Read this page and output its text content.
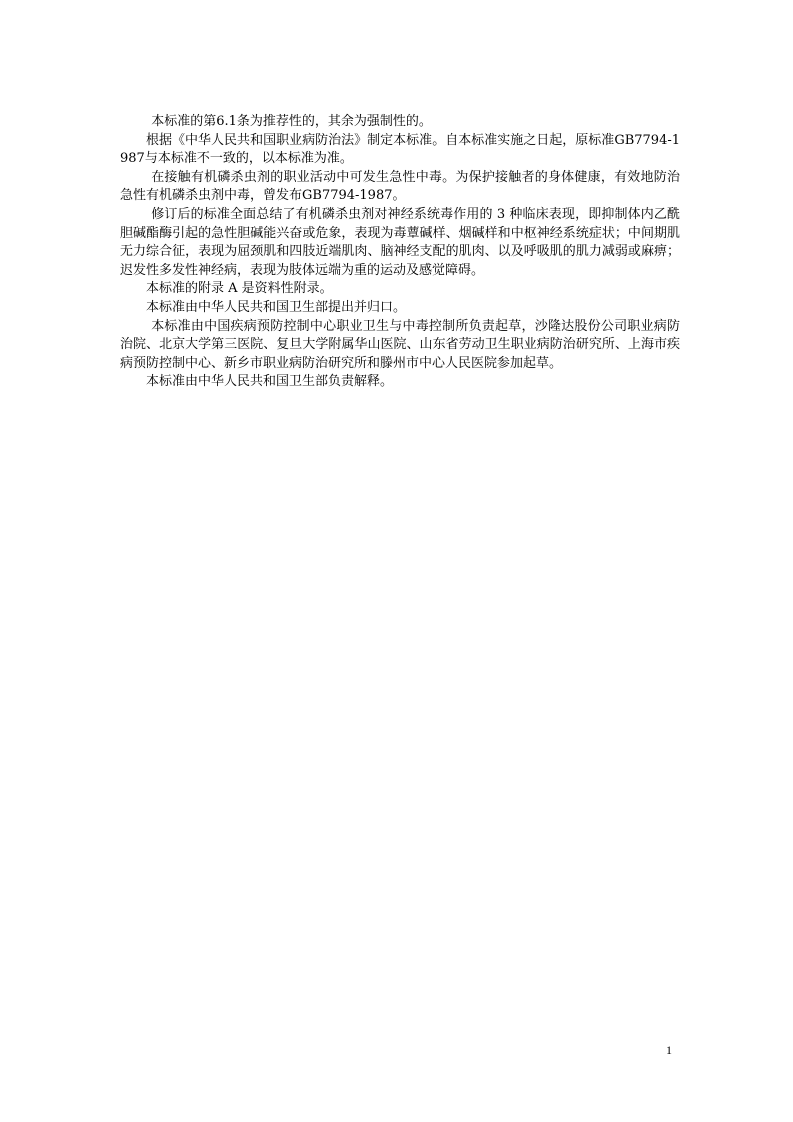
本标准的第6.1条为推荐性的，其余为强制性的。

根据《中华人民共和国职业病防治法》制定本标准。自本标准实施之日起，原标准GB7794-1987与本标准不一致的，以本标准为准。

在接触有机磷杀虫剂的职业活动中可发生急性中毒。为保护接触者的身体健康，有效地防治急性有机磷杀虫剂中毒，曾发布GB7794-1987。

修订后的标准全面总结了有机磷杀虫剂对神经系统毒作用的 3 种临床表现，即抑制体内乙酰胆碱酯酶引起的急性胆碱能兴奋或危象，表现为毒蕈碱样、烟碱样和中枢神经系统症状；中间期肌无力综合征，表现为屈颈肌和四肢近端肌肉、脑神经支配的肌肉、以及呼吸肌的肌力减弱或麻痹；迟发性多发性神经病，表现为肢体远端为重的运动及感觉障碍。

本标准的附录 A 是资料性附录。

本标准由中华人民共和国卫生部提出并归口。

本标准由中国疾病预防控制中心职业卫生与中毒控制所负责起草，沙隆达股份公司职业病防治院、北京大学第三医院、复旦大学附属华山医院、山东省劳动卫生职业病防治研究所、上海市疾病预防控制中心、新乡市职业病防治研究所和滕州市中心人民医院参加起草。

本标准由中华人民共和国卫生部负责解释。

1
